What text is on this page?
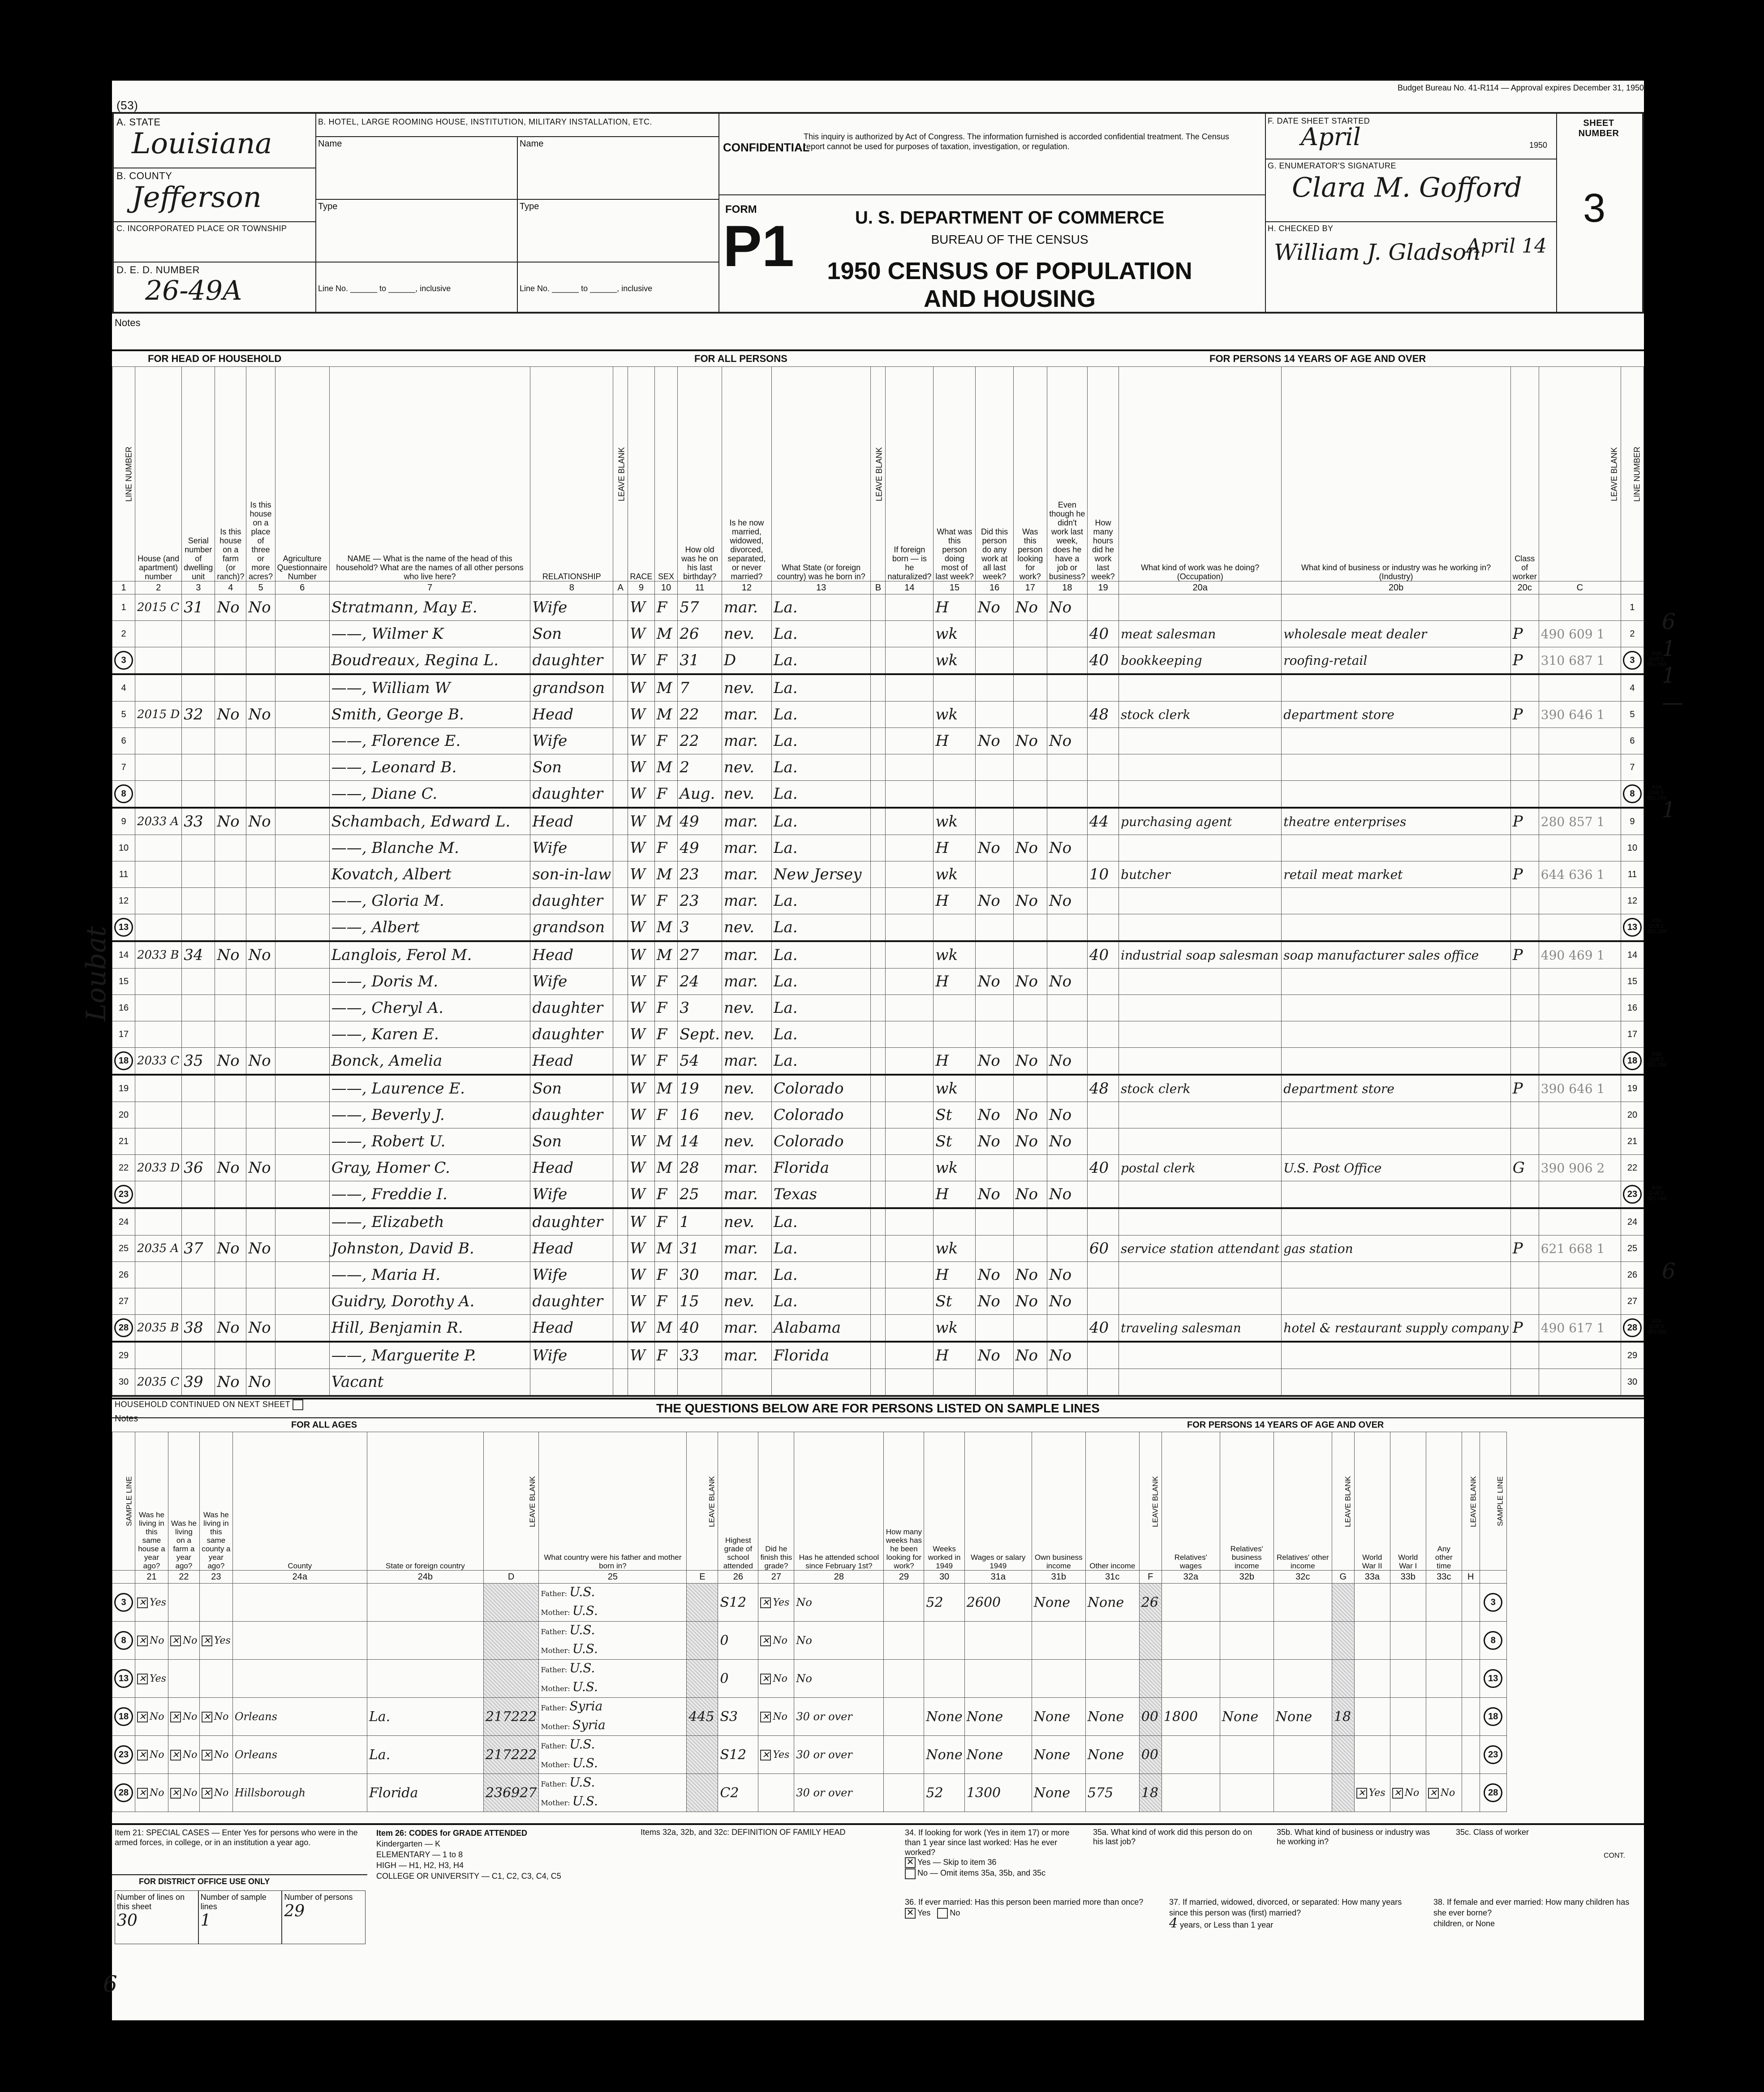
(53)
Budget Bureau No. 41-R114 — Approval expires December 31, 1950
A. STATE
Louisiana
B. COUNTY
Jefferson
C. INCORPORATED PLACE OR TOWNSHIP
D. E. D. NUMBER
26-49A
B. HOTEL, LARGE ROOMING HOUSE, INSTITUTION, MILITARY INSTALLATION, ETC.
Name	Name
Type	Type
Line No. ______ to ______, inclusive	Line No. ______ to ______, inclusive
CONFIDENTIAL
This inquiry is authorized by Act of Congress. The information furnished is accorded confidential treatment. The Census report cannot be used for purposes of taxation, investigation, or regulation.
FORM
P1	U. S. DEPARTMENT OF COMMERCE
BUREAU OF THE CENSUS
1950 CENSUS OF POPULATION AND HOUSING
F. DATE SHEET STARTED
April	1950
G. ENUMERATOR'S SIGNATURE
Clara M. Gofford
H. CHECKED BY
William J. Gladson
April 14
SHEET NUMBER
3
Notes
FOR HEAD OF HOUSEHOLD	FOR ALL PERSONS	FOR PERSONS 14 YEARS OF AGE AND OVER
LINE NUMBER	House (and apartment) number	Serial number of dwelling unit	Is this house on a farm (or ranch)?	Is this house on a place of three or more acres?	Agriculture Questionnaire Number	NAME — What is the name of the head of this household? What are the names of all other persons who live here?	RELATIONSHIP	LEAVE BLANK	RACE	SEX	How old was he on his last birthday?	Is he now married, widowed, divorced, separated, or never married?	What State (or foreign country) was he born in?	LEAVE BLANK	If foreign born — is he naturalized?	What was this person doing most of last week?	Did this person do any work at all last week?	Was this person looking for work?	Even though he didn't work last week, does he have a job or business?	How many hours did he work last week?	What kind of work was he doing? (Occupation)	What kind of business or industry was he working in? (Industry)	Class of worker	LEAVE BLANK	LINE NUMBER
1	2	3	4	5	6	7	8	A	9	10	11	12	13	B	14	15	16	17	18	19	20a	20b	20c	C	
1	2015 C	31	No	No		Stratmann, May E.	Wife		W	F	57	mar.	La.			H	No	No	No						1
2						——, Wilmer K	Son		W	M	26	nev.	La.			wk				40	meat salesman	wholesale meat dealer	P	490 609 1	2
3						Boudreaux, Regina L.	daughter		W	F	31	D	La.			wk				40	bookkeeping	roofing-retail	P	310 687 1	3
ASK QUES. BELOW

4						——, William W	grandson		W	M	7	nev.	La.												4
5	2015 D	32	No	No		Smith, George B.	Head		W	M	22	mar.	La.			wk				48	stock clerk	department store	P	390 646 1	5
6						——, Florence E.	Wife		W	F	22	mar.	La.			H	No	No	No						6
7						——, Leonard B.	Son		W	M	2	nev.	La.												7
8						——, Diane C.	daughter		W	F	Aug.	nev.	La.												8
ASK QUES. BELOW

9	2033 A	33	No	No		Schambach, Edward L.	Head		W	M	49	mar.	La.			wk				44	purchasing agent	theatre enterprises	P	280 857 1	9
10						——, Blanche M.	Wife		W	F	49	mar.	La.			H	No	No	No						10
11						Kovatch, Albert	son-in-law		W	M	23	mar.	New Jersey			wk				10	butcher	retail meat market	P	644 636 1	11
12						——, Gloria M.	daughter		W	F	23	mar.	La.			H	No	No	No						12
13						——, Albert	grandson		W	M	3	nev.	La.												13
ASK QUES. BELOW

14	2033 B	34	No	No		Langlois, Ferol M.	Head		W	M	27	mar.	La.			wk				40	industrial soap salesman	soap manufacturer sales office	P	490 469 1	14
15						——, Doris M.	Wife		W	F	24	mar.	La.			H	No	No	No						15
16						——, Cheryl A.	daughter		W	F	3	nev.	La.												16
17						——, Karen E.	daughter		W	F	Sept.	nev.	La.												17
18	2033 C	35	No	No		Bonck, Amelia	Head		W	F	54	mar.	La.			H	No	No	No						18
ASK QUES. BELOW

19						——, Laurence E.	Son		W	M	19	nev.	Colorado			wk				48	stock clerk	department store	P	390 646 1	19
20						——, Beverly J.	daughter		W	F	16	nev.	Colorado			St	No	No	No						20
21						——, Robert U.	Son		W	M	14	nev.	Colorado			St	No	No	No						21
22	2033 D	36	No	No		Gray, Homer C.	Head		W	M	28	mar.	Florida			wk				40	postal clerk	U.S. Post Office	G	390 906 2	22
23						——, Freddie I.	Wife		W	F	25	mar.	Texas			H	No	No	No						23
ASK QUES. BELOW

24						——, Elizabeth	daughter		W	F	1	nev.	La.												24
25	2035 A	37	No	No		Johnston, David B.	Head		W	M	31	mar.	La.			wk				60	service station attendant	gas station	P	621 668 1	25
26						——, Maria H.	Wife		W	F	30	mar.	La.			H	No	No	No						26
27						Guidry, Dorothy A.	daughter		W	F	15	nev.	La.			St	No	No	No						27
28	2035 B	38	No	No		Hill, Benjamin R.	Head		W	M	40	mar.	Alabama			wk				40	traveling salesman	hotel & restaurant supply company	P	490 617 1	28
ASK QUES. BELOW

29						——, Marguerite P.	Wife		W	F	33	mar.	Florida			H	No	No	No						29
30	2035 C	39	No	No		Vacant																			30
HOUSEHOLD CONTINUED ON NEXT SHEET
Notes
Loubat
THE QUESTIONS BELOW ARE FOR PERSONS LISTED ON SAMPLE LINES
FOR ALL AGES	FOR PERSONS 14 YEARS OF AGE AND OVER
SAMPLE LINE	Was he living in this same house a year ago?	Was he living on a farm a year ago?	Was he living in this same county a year ago?	County	State or foreign country	LEAVE BLANK	What country were his father and mother born in?	LEAVE BLANK	Highest grade of school attended	Did he finish this grade?	Has he attended school since February 1st?	How many weeks has he been looking for work?	Weeks worked in 1949	Wages or salary 1949	Own business income	Other income	LEAVE BLANK	Relatives' wages	Relatives' business income	Relatives' other income	LEAVE BLANK	World War II	World War I	Any other time	LEAVE BLANK	SAMPLE LINE
	21	22	23	24a	24b	D	25	E	26	27	28	29	30	31a	31b	31c	F	32a	32b	32c	G	33a	33b	33c	H	
3	✕ Yes						Father: U.S.
Mother: U.S.		S12	✕ Yes	No		52	2600	None	None	26									3
8	✕ No	✕ No	✕ Yes				Father: U.S.
Mother: U.S.		0	✕ No	No															8
13	✕ Yes						Father: U.S.
Mother: U.S.		0	✕ No	No															13
18	✕ No	✕ No	✕ No	Orleans	La.	217222	Father: Syria
Mother: Syria	445	S3	✕ No	30 or over		None	None	None	None	00	1800	None	None	18					18
23	✕ No	✕ No	✕ No	Orleans	La.	217222	Father: U.S.
Mother: U.S.		S12	✕ Yes	30 or over		None	None	None	None	00									23
28	✕ No	✕ No	✕ No	Hillsborough	Florida	236927	Father: U.S.
Mother: U.S.		C2		30 or over		52	1300	None	575	18					✕ Yes	✕ No	✕ No		28
Item 21: SPECIAL CASES — Enter Yes for persons who were in the armed forces, in college, or in an institution a year ago.
FOR DISTRICT OFFICE USE ONLY
Number of lines on this sheet
30
Number of sample lines
1
Number of persons
29
Item 26: CODES for GRADE ATTENDED
Kindergarten — K
ELEMENTARY — 1 to 8
HIGH — H1, H2, H3, H4
COLLEGE OR UNIVERSITY — C1, C2, C3, C4, C5
Items 32a, 32b, and 32c: DEFINITION OF FAMILY HEAD	34. If looking for work (Yes in item 17) or more than 1 year since last worked: Has he ever worked?
✕ Yes — Skip to item 36
No — Omit items 35a, 35b, and 35c
35a. What kind of work did this person do on his last job?
35b. What kind of business or industry was he working in?
35c. Class of worker
CONT.
36. If ever married: Has this person been married more than once?
✕ Yes No
37. If married, widowed, divorced, or separated: How many years since this person was (first) married?
4 years, or Less than 1 year
38. If female and ever married: How many children has she ever borne?
children, or None
6
6
1
1
—
1
6
